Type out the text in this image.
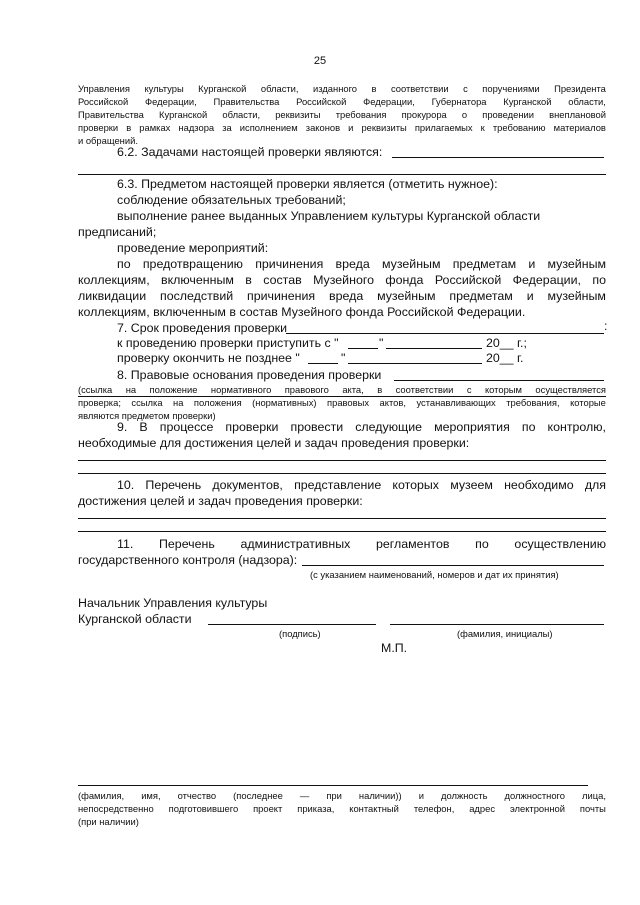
25
Управления культуры Курганской области, изданного в соответствии с поручениями Президента
Российской Федерации, Правительства Российской Федерации, Губернатора Курганской области,
Правительства Курганской области, реквизиты требования прокурора о проведении внеплановой
проверки в рамках надзора за исполнением законов и реквизиты прилагаемых к требованию материалов
и обращений.
6.2. Задачами настоящей проверки являются:
6.3. Предметом настоящей проверки является (отметить нужное):
соблюдение обязательных требований;
выполнение ранее выданных Управлением культуры Курганской области
предписаний;
проведение мероприятий:
по предотвращению причинения вреда музейным предметам и музейным
коллекциям, включенным в состав Музейного фонда Российской Федерации, по
ликвидации последствий причинения вреда музейным предметам и музейным
коллекциям, включенным в состав Музейного фонда Российской Федерации.
7. Срок проведения проверки	:
к проведению проверки приступить с "	"	20__ г.;
проверку окончить не позднее "	"	20__ г.
8. Правовые основания проведения проверки
(ссылка на положение нормативного правового акта, в соответствии с которым осуществляется
проверка; ссылка на положения (нормативных) правовых актов, устанавливающих требования, которые
являются предметом проверки)
9. В процессе проверки провести следующие мероприятия по контролю,
необходимые для достижения целей и задач проведения проверки:
10. Перечень документов, представление которых музеем необходимо для
достижения целей и задач проведения проверки:
11. Перечень административных регламентов по осуществлению
государственного контроля (надзора):
(с указанием наименований, номеров и дат их принятия)
Начальник Управления культуры
Курганской области
(подпись)	(фамилия, инициалы)
М.П.
(фамилия, имя, отчество (последнее — при наличии)) и должность должностного лица,
непосредственно подготовившего проект приказа, контактный телефон, адрес электронной почты
(при наличии)
